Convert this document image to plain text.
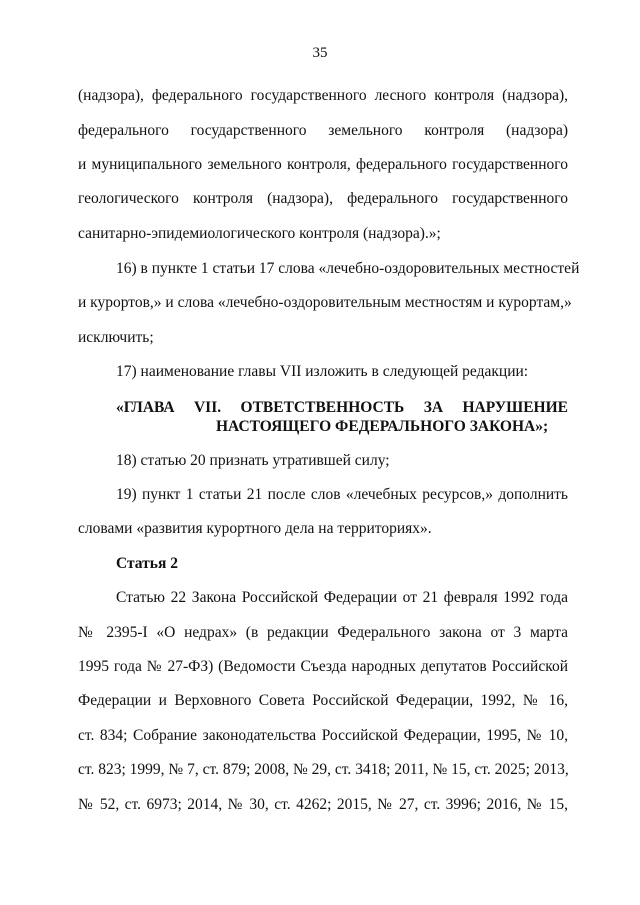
35
(надзора), федерального государственного лесного контроля (надзора),
федерального государственного земельного контроля (надзора)
и муниципального земельного контроля, федерального государственного
геологического контроля (надзора), федерального государственного
санитарно-эпидемиологического контроля (надзора).»;
16) в пункте 1 статьи 17 слова «лечебно-оздоровительных местностей
и курортов,» и слова «лечебно-оздоровительным местностям и курортам,»
исключить;
17) наименование главы VII изложить в следующей редакции:
«ГЛАВА VII. ОТВЕТСТВЕННОСТЬ ЗА НАРУШЕНИЕ
НАСТОЯЩЕГО ФЕДЕРАЛЬНОГО ЗАКОНА»;
18) статью 20 признать утратившей силу;
19) пункт 1 статьи 21 после слов «лечебных ресурсов,» дополнить
словами «развития курортного дела на территориях».
Статья 2
Статью 22 Закона Российской Федерации от 21 февраля 1992 года
№ 2395-I «О недрах» (в редакции Федерального закона от 3 марта
1995 года № 27-ФЗ) (Ведомости Съезда народных депутатов Российской
Федерации и Верховного Совета Российской Федерации, 1992, № 16,
ст. 834; Собрание законодательства Российской Федерации, 1995, № 10,
ст. 823; 1999, № 7, ст. 879; 2008, № 29, ст. 3418; 2011, № 15, ст. 2025; 2013,
№ 52, ст. 6973; 2014, № 30, ст. 4262; 2015, № 27, ст. 3996; 2016, № 15,
